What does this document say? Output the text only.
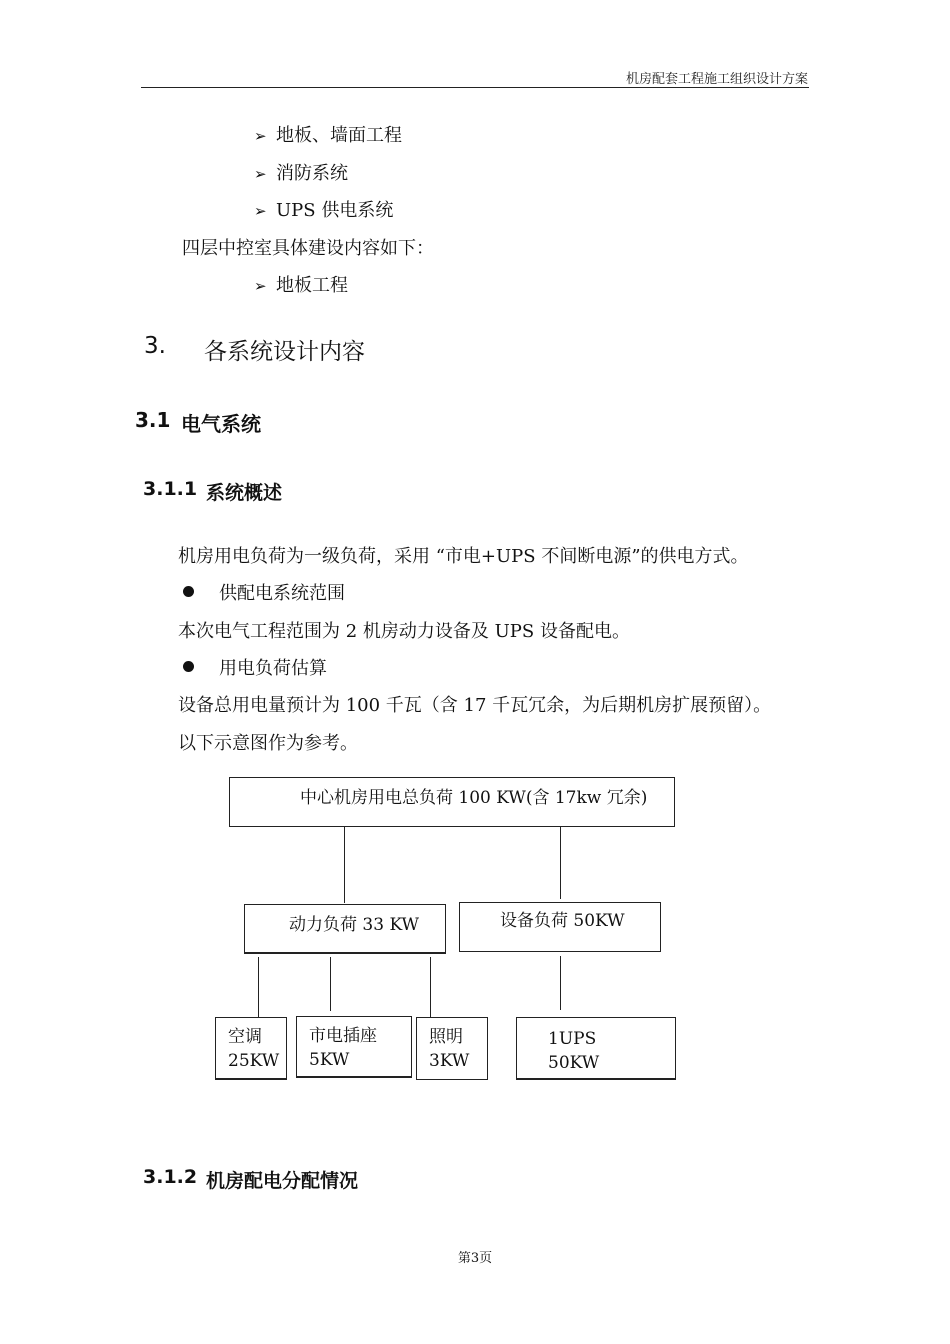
机房配套工程施工组织设计方案
➢ 地板、墙面工程
➢ 消防系统
➢ UPS 供电系统
四层中控室具体建设内容如下：
➢ 地板工程
3. 各系统设计内容
3.1 电气系统
3.1.1 系统概述
机房用电负荷为一级负荷，采用 “市电+UPS 不间断电源”的供电方式。
供配电系统范围
本次电气工程范围为 2 机房动力设备及 UPS 设备配电。
用电负荷估算
设备总用电量预计为 100 千瓦（含 17 千瓦冗余，为后期机房扩展预留）。
以下示意图作为参考。
中心机房用电总负荷 100 KW(含 17kw 冗余)
动力负荷 33 KW	设备负荷 50KW
空调
25KW
市电插座
5KW
照明
3KW
1UPS
50KW
3.1.2 机房配电分配情况
第3页
